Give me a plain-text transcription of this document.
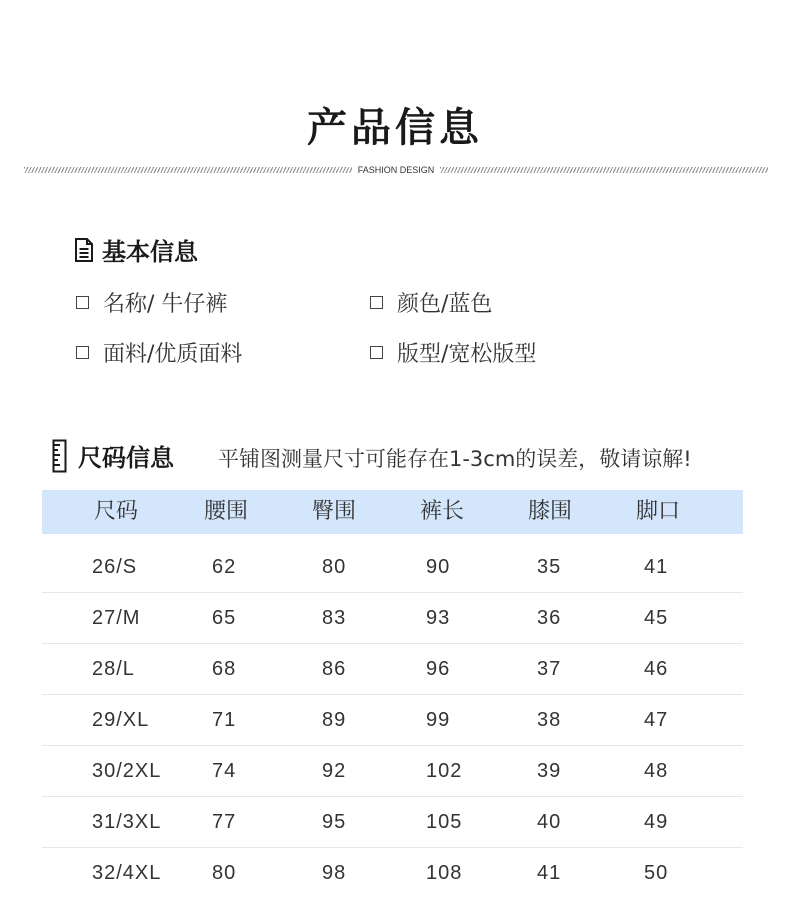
产品信息
FASHION DESIGN
基本信息
名称/ 牛仔裤	颜色/蓝色
面料/优质面料	版型/宽松版型
尺码信息 平铺图测量尺寸可能存在1-3cm的误差，敬请谅解!
尺码	腰围	臀围	裤长	膝围	脚口
26/S	62	80	90	35	41
27/M	65	83	93	36	45
28/L	68	86	96	37	46
29/XL	71	89	99	38	47
30/2XL	74	92	102	39	48
31/3XL	77	95	105	40	49
32/4XL	80	98	108	41	50
